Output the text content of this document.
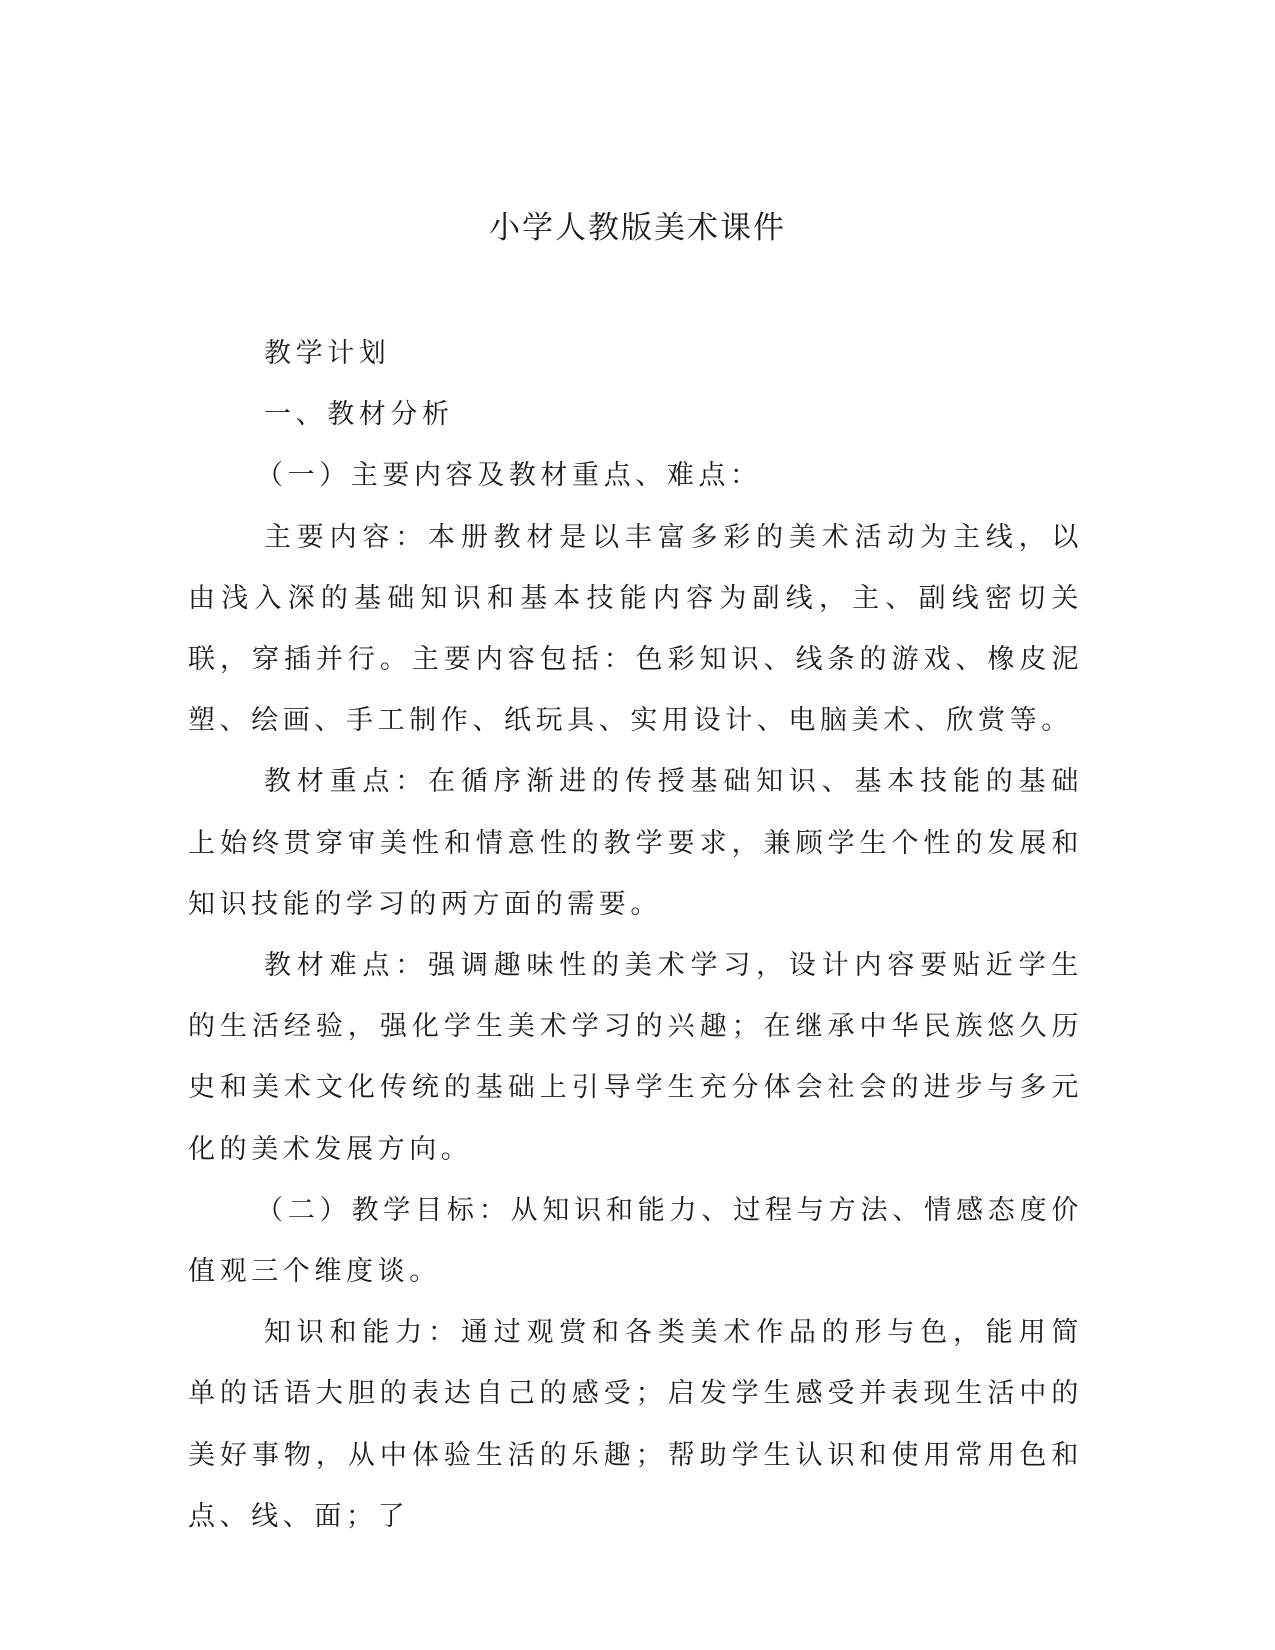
小学人教版美术课件

教学计划

一、教材分析

（一）主要内容及教材重点、难点：

主要内容：本册教材是以丰富多彩的美术活动为主线，以由浅入深的基础知识和基本技能内容为副线，主、副线密切关联，穿插并行。主要内容包括：色彩知识、线条的游戏、橡皮泥塑、绘画、手工制作、纸玩具、实用设计、电脑美术、欣赏等。

教材重点：在循序渐进的传授基础知识、基本技能的基础上始终贯穿审美性和情意性的教学要求，兼顾学生个性的发展和知识技能的学习的两方面的需要。

教材难点：强调趣味性的美术学习，设计内容要贴近学生的生活经验，强化学生美术学习的兴趣；在继承中华民族悠久历史和美术文化传统的基础上引导学生充分体会社会的进步与多元化的美术发展方向。

（二）教学目标：从知识和能力、过程与方法、情感态度价值观三个维度谈。

知识和能力：通过观赏和各类美术作品的形与色，能用简单的话语大胆的表达自己的感受；启发学生感受并表现生活中的美好事物，从中体验生活的乐趣；帮助学生认识和使用常用色和点、线、面；了
